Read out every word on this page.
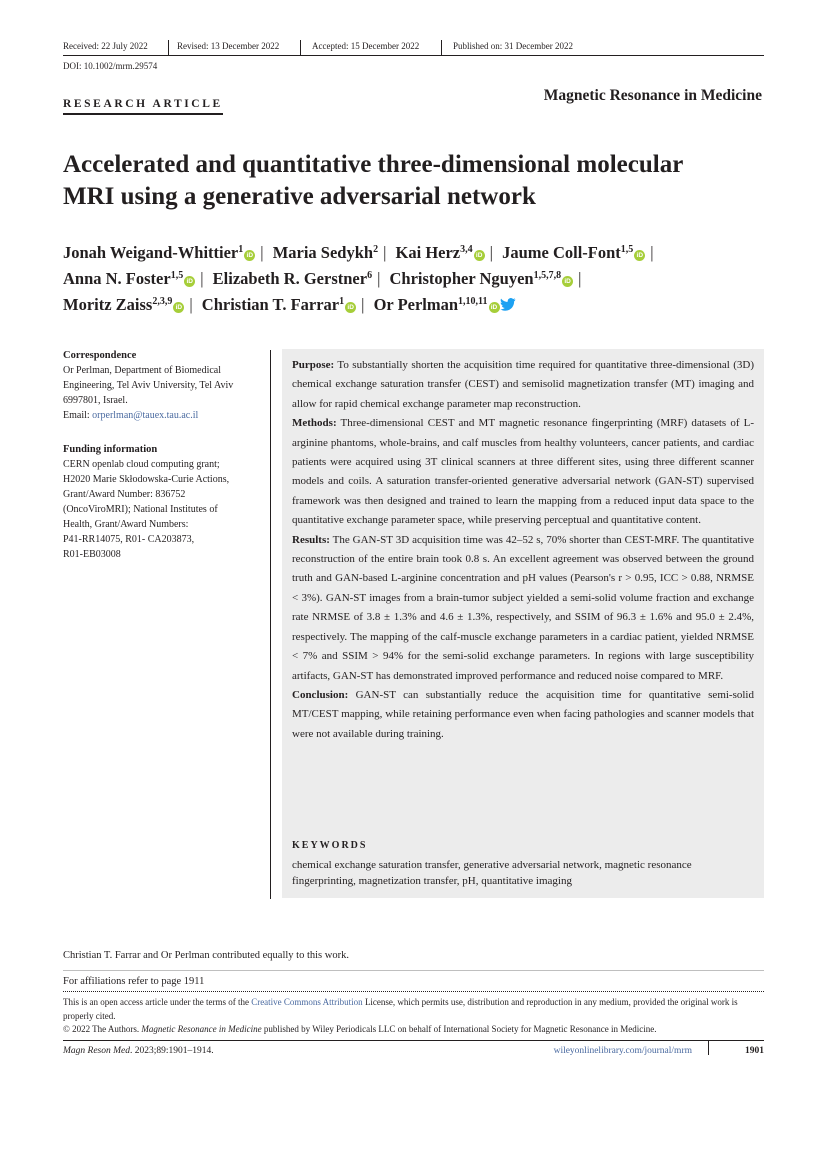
Received: 22 July 2022	Revised: 13 December 2022	Accepted: 15 December 2022	Published on: 31 December 2022
DOI: 10.1002/mrm.29574
RESEARCH ARTICLE	Magnetic Resonance in Medicine
Accelerated and quantitative three-dimensional molecular
MRI using a generative adversarial network
Jonah Weigand-Whittier$^1$iD | Maria Sedykh$^2$ | Kai Herz$^{3,4}$iD | Jaume Coll-Font$^{1,5}$iD |
Anna N. Foster$^{1,5}$iD | Elizabeth R. Gerstner$^6$ | Christopher Nguyen$^{1,5,7,8}$iD |
Moritz Zaiss$^{2,3,9}$iD | Christian T. Farrar$^1$iD | Or Perlman$^{1,10,11}$iD
Correspondence
Or Perlman, Department of Biomedical
Engineering, Tel Aviv University, Tel Aviv
6997801, Israel.
Email: orperlman@tauex.tau.ac.il
Funding information
CERN openlab cloud computing grant;
H2020 Marie Skłodowska-Curie Actions,
Grant/Award Number: 836752
(OncoViroMRI); National Institutes of
Health, Grant/Award Numbers:
P41-RR14075, R01- CA203873,
R01-EB03008

Purpose: To substantially shorten the acquisition time required for quantitative three-dimensional (3D) chemical exchange saturation transfer (CEST) and semisolid magnetization transfer (MT) imaging and allow for rapid chemical exchange parameter map reconstruction.

Methods: Three-dimensional CEST and MT magnetic resonance fingerprinting (MRF) datasets of L-arginine phantoms, whole-brains, and calf muscles from healthy volunteers, cancer patients, and cardiac patients were acquired using 3T clinical scanners at three different sites, using three different scanner models and coils. A saturation transfer-oriented generative adversarial network (GAN-ST) supervised framework was then designed and trained to learn the mapping from a reduced input data space to the quantitative exchange parameter space, while preserving perceptual and quantitative content.

Results: The GAN-ST 3D acquisition time was 42–52 s, 70% shorter than CEST-MRF. The quantitative reconstruction of the entire brain took 0.8 s. An excellent agreement was observed between the ground truth and GAN-based L-arginine concentration and pH values (Pearson's r > 0.95, ICC > 0.88, NRMSE < 3%). GAN-ST images from a brain-tumor subject yielded a semi-solid volume fraction and exchange rate NRMSE of 3.8 ± 1.3% and 4.6 ± 1.3%, respectively, and SSIM of 96.3 ± 1.6% and 95.0 ± 2.4%, respectively. The mapping of the calf-muscle exchange parameters in a cardiac patient, yielded NRMSE < 7% and SSIM > 94% for the semi-solid exchange parameters. In regions with large susceptibility artifacts, GAN-ST has demonstrated improved performance and reduced noise compared to MRF.

Conclusion: GAN-ST can substantially reduce the acquisition time for quantitative semi-solid MT/CEST mapping, while retaining performance even when facing pathologies and scanner models that were not available during training.

KEYWORDS
chemical exchange saturation transfer, generative adversarial network, magnetic resonance fingerprinting, magnetization transfer, pH, quantitative imaging
Christian T. Farrar and Or Perlman contributed equally to this work.
For affiliations refer to page 1911
This is an open access article under the terms of the Creative Commons Attribution License, which permits use, distribution and reproduction in any medium, provided the original work is properly cited.
© 2022 The Authors. Magnetic Resonance in Medicine published by Wiley Periodicals LLC on behalf of International Society for Magnetic Resonance in Medicine.
Magn Reson Med. 2023;89:1901–1914.	wileyonlinelibrary.com/journal/mrm	1901
